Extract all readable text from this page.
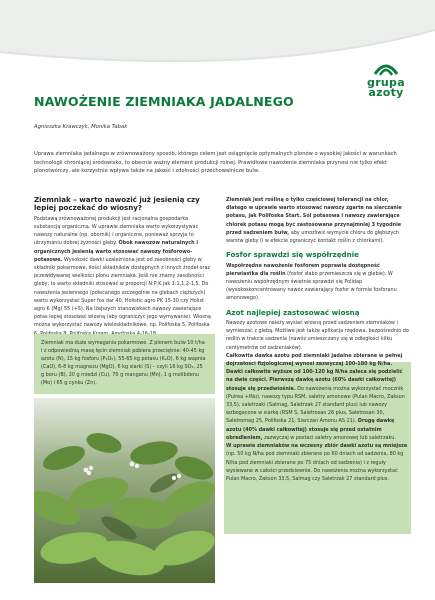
grupa
azoty
NAWOŻENIE ZIEMNIAKA JADALNEGO
Agnieszka Krawczyk, Monika Tabak

Uprawa ziemniaka jadalnego w zrównoważony sposób, którego celem jest osiągnięcie optymalnych plonów o wysokiej jakości w warunkach technologii chroniącej środowisko, to obecnie ważny element produkcji rolnej. Prawidłowe nawożenie ziemniaka przynosi nie tylko efekt plonotwórczy, ale korzystnie wpływa także na jakość i zdolności przechowalnicze bulw.

Ziemniak – warto nawozić już jesienią czy lepiej poczekać do wiosny?

Podstawą zrównoważonej produkcji jest racjonalna gospodarka substancją organiczną. W uprawie ziemniaka warto wykorzystywać nawozy naturalne (np. obornik) i organiczne, ponieważ sprzyja to utrzymaniu dobrej żyzności gleby. Obok nawozów naturalnych i organicznych jesienią warto stosować nawozy fosforowo-potasowe. Wysokość dawki uzależniona jest od zasobności gleby w składniki pokarmowe, ilości składników dostępnych z innych źródeł oraz przewidywanej wielkości plonu ziemniaka. Jeśli nie znamy zasobności gleby, to warto składniki stosować w proporcji N:P:K jak 1:1,1,2-1,5. Do nawożenia jesiennego (polecanego szczególnie na glebach cięższych) warto wykorzystać Super fos dar 40, Holistic agro PK 15-30 czy Holist agro K (Mg) 55 (+S). Na lżejszych stanowiskach nawozy zawierające potas lepiej stosować wiosną (aby ograniczyć jego wymywanie). Wiosną można wykorzystać nawozy wieloskładnikowe, np. Polifoska 5, Polifoska

Ziemniak ma duże wymagania pokarmowe. Z plonem bulw 10 t/ha i z odpowiednią masą łęcin ziemniak pobiera przeciętnie: 40-45 kg azotu (N), 15 kg fosforu (P₂O₅), 55-65 kg potasu (K₂O), 6 kg wapnia (CaO), 6-8 kg magnezu (MgO), 6 kg siarki (S) – czyli 16 kg SO₃, 25 g boru (B), 20 g miedzi (Cu), 70 g manganu (Mn), 1 g molibdenu (Mo) i 65 g cynku (Zn).

Ziemniak jest rośliną o tylko częściowej tolerancji na chlor, dlatego w uprawie warto stosować nawozy zgarte na siarczanie potasu, jak Polifoska Start. Sól potasowa i nawozy zawierające chlorek potasu mogą być zastosowane przynajmniej 3 tygodnie przed sadzeniem bulw, aby umożliwić wymycie chloru do głębszych warstw gleby (i w efekcie ograniczyć kontakt roślin z chlorkami).

Fosfor sprawdzi się współrzędnie

Współrzędne nawożenie fosforem poprawia dostępność pierwiastka dla roślin (fosfor słabo przemieszcza się w glebie). W nawożeniu współrzędnym świetnie sprawdzi się Polidap (wysokoskoncentrowany nawóz zawierający fosfor w formie fosforanu amonowego).

Azot najlepiej zastosować wiosną

Nawozy azotowe należy wysiać wiosną przed sadzeniem ziemniaków i wymieszać z glebą. Możliwe jest także aplikacja rzędowa, bezpośrednio do redlin w trakcie sadzenia (nawóz umieszczany się w odległości kilku centymetrów od sadzeniaków).

Całkowita dawka azotu pod ziemniaki jadalne zbierane w pełnej dojrzałości fizjologicznej wynosi zazwyczaj 100-180 kg N/ha. Dawki całkowite wyższe od 100-120 kg N/ha zaleca się podzielić na dwie części. Pierwszą dawkę azotu (60% dawki całkowitej) stosuje się przedwiośnie. Do nawożenia można wykorzystać mocznik (Pulrea +INu), nawozy typu RSM, saletry amonowe (Pulan Macro, Zakson 33,5), saletrzaki (Salmag, Saletrzak 27 standard plus) lub nawozy wzbogacone w siarkę (RSM S, Saletrosan 26 plus, Saletrosan 30, Saletromag 25, Polifoska 21, Siarczan Amonu AS 21). Drugą dawkę azotu (40% dawki całkowitej) stosuje się przed ostatnim obredleniem, zazwyczaj w postaci saletry amonowej lub saletrzaku.

W uprawie ziemniaków na wczesny zbiór dawki azotu są mniejsze (np. 50 kg N/ha pod ziemniaki zbierane po 60 dniach od sadzenia, 80 kg N/ha pod ziemniaki zbierane po 75 dniach od sadzenia) i z reguły wysiewane w całości przedsiewnie. Do nawożenia można wykorzystać Pulan Macro, Zakson 33,5, Salmag czy Saletrzak 27 standard plus.
